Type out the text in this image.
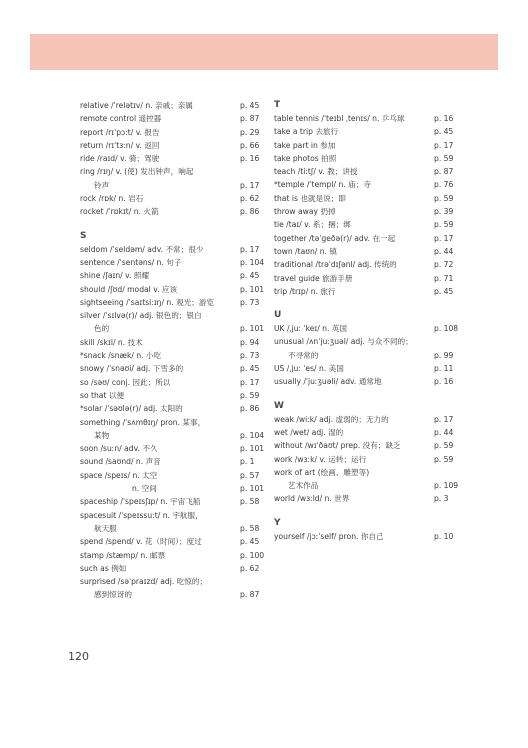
relative /ˈrelətɪv/ n. 亲戚；亲属	p. 45
remote control 遥控器	p. 87
report /rɪˈpɔːt/ v. 报告	p. 29
return /rɪˈtɜːn/ v. 返回	p. 66
ride /raɪd/ v. 骑；驾驶	p. 16
ring /rɪŋ/ v. (使) 发出钟声，响起
铃声	p. 17
rock /rɒk/ n. 岩石	p. 62
rocket /ˈrɒkɪt/ n. 火箭	p. 86
S
seldom /ˈseldəm/ adv. 不常；很少	p. 17
sentence /ˈsentəns/ n. 句子	p. 104
shine /ʃaɪn/ v. 照耀	p. 45
should /ʃʊd/ modal v. 应该	p. 101
sightseeing /ˈsaɪtsiːɪŋ/ n. 观光；游览	p. 73
silver /ˈsɪlvə(r)/ adj. 银色的；银白
色的	p. 101
skill /skɪl/ n. 技术	p. 94
*snack /snæk/ n. 小吃	p. 73
snowy /ˈsnəʊi/ adj. 下雪多的	p. 45
so /səʊ/ conj. 因此；所以	p. 17
so that 以便	p. 59
*solar /ˈsəʊlə(r)/ adj. 太阳的	p. 86
something /ˈsʌmθɪŋ/ pron. 某事，
某物	p. 104
soon /suːn/ adv. 不久	p. 101
sound /saʊnd/ n. 声音	p. 1
space /speɪs/ n. 太空	p. 57
n. 空间	p. 101
spaceship /ˈspeɪsʃɪp/ n. 宇宙飞船	p. 58
spacesuit /ˈspeɪssuːt/ n. 宇航服，
航天服	p. 58
spend /spend/ v. 花（时间）；度过	p. 45
stamp /stæmp/ n. 邮票	p. 100
such as 例如	p. 62
surprised /səˈpraɪzd/ adj. 吃惊的；
感到惊讶的	p. 87
T
table tennis /ˈteɪbl ˌtenɪs/ n. 乒乓球	p. 16
take a trip 去旅行	p. 45
take part in 参加	p. 17
take photos 拍照	p. 59
teach /tiːtʃ/ v. 教；讲授	p. 87
*temple /ˈtempl/ n. 庙；寺	p. 76
that is 也就是说；即	p. 59
throw away 扔掉	p. 39
tie /taɪ/ v. 系；捆；绑	p. 59
together /təˈɡeðə(r)/ adv. 在一起	p. 17
town /taʊn/ n. 镇	p. 44
traditional /trəˈdɪʃənl/ adj. 传统的	p. 72
travel guide 旅游手册	p. 71
trip /trɪp/ n. 旅行	p. 45
U
UK /ˌjuː ˈkeɪ/ n. 英国	p. 108
unusual /ʌnˈjuːʒuəl/ adj. 与众不同的；
不寻常的	p. 99
US /ˌjuː ˈes/ n. 美国	p. 11
usually /ˈjuːʒuəli/ adv. 通常地	p. 16
W
weak /wiːk/ adj. 虚弱的；无力的	p. 17
wet /wet/ adj. 湿的	p. 44
without /wɪˈðaʊt/ prep. 没有；缺乏	p. 59
work /wɜːk/ v. 运转；运行	p. 59
work of art (绘画、雕塑等)
艺术作品	p. 109
world /wɜːld/ n. 世界	p. 3
Y
yourself /jɔːˈself/ pron. 你自己	p. 10
120
